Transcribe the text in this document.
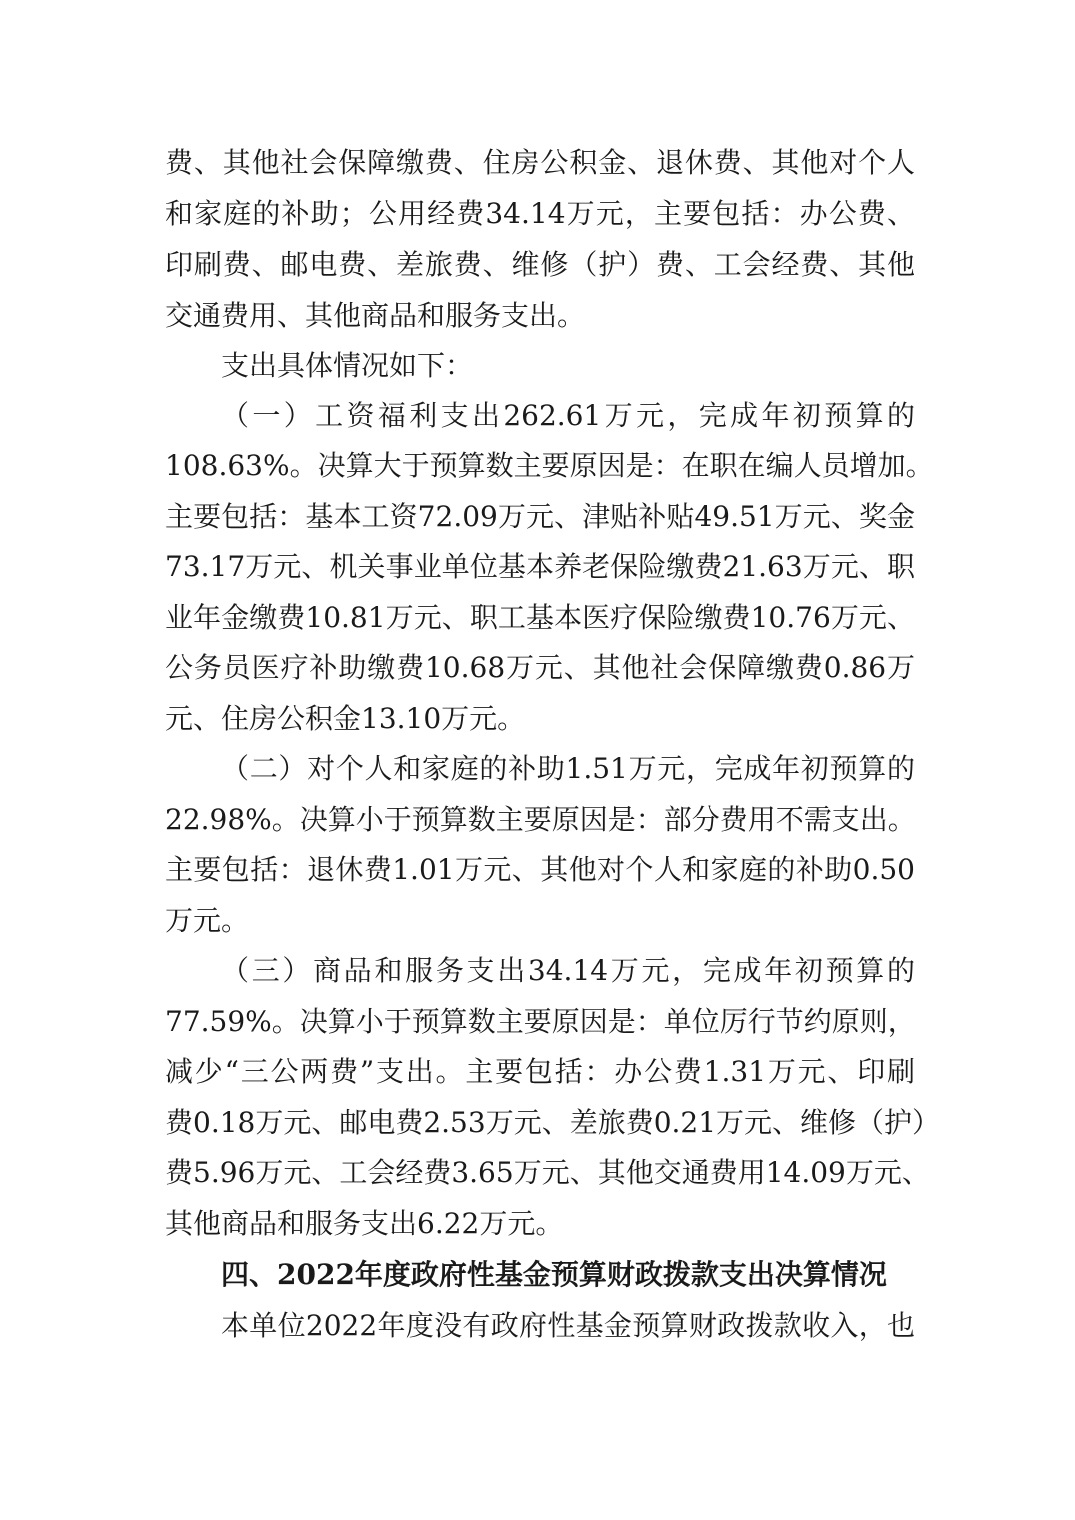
费、其他社会保障缴费、住房公积金、退休费、其他对个人
和家庭的补助；公用经费34.14万元，主要包括：办公费、
印刷费、邮电费、差旅费、维修（护）费、工会经费、其他
交通费用、其他商品和服务支出。
支出具体情况如下：
（一）工资福利支出262.61万元，完成年初预算的
108.63%。决算大于预算数主要原因是：在职在编人员增加。
主要包括：基本工资72.09万元、津贴补贴49.51万元、奖金
73.17万元、机关事业单位基本养老保险缴费21.63万元、职
业年金缴费10.81万元、职工基本医疗保险缴费10.76万元、
公务员医疗补助缴费10.68万元、其他社会保障缴费0.86万
元、住房公积金13.10万元。
（二）对个人和家庭的补助1.51万元，完成年初预算的
22.98%。决算小于预算数主要原因是：部分费用不需支出。
主要包括：退休费1.01万元、其他对个人和家庭的补助0.50
万元。
（三）商品和服务支出34.14万元，完成年初预算的
77.59%。决算小于预算数主要原因是：单位厉行节约原则，
减少“三公两费”支出。主要包括：办公费1.31万元、印刷
费0.18万元、邮电费2.53万元、差旅费0.21万元、维修（护）
费5.96万元、工会经费3.65万元、其他交通费用14.09万元、
其他商品和服务支出6.22万元。
四、2022年度政府性基金预算财政拨款支出决算情况
本单位2022年度没有政府性基金预算财政拨款收入，也
